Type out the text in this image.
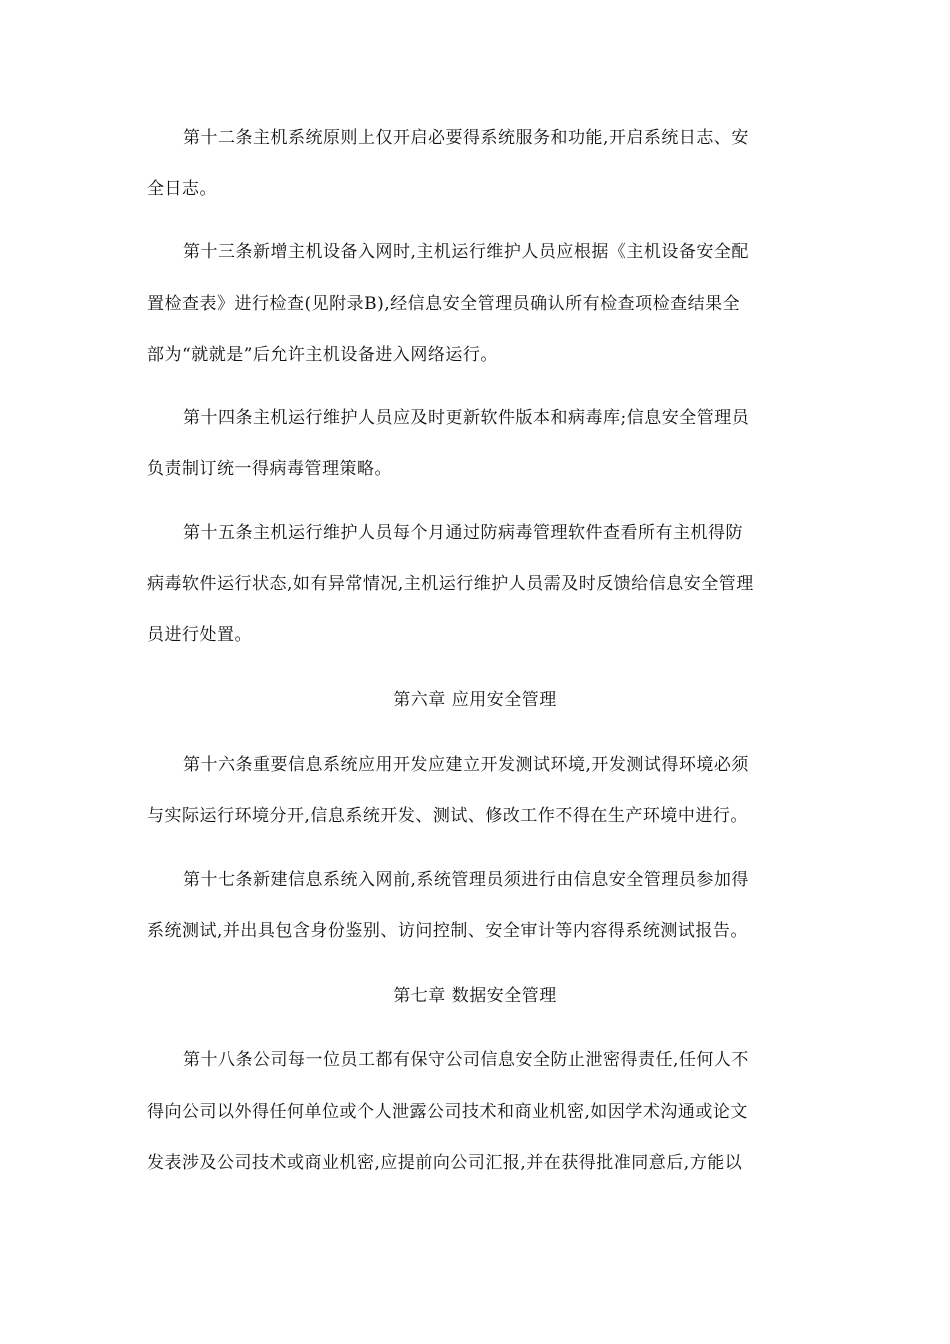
第十二条主机系统原则上仅开启必要得系统服务和功能,开启系统日志、安
全日志。
第十三条新增主机设备入网时,主机运行维护人员应根据《主机设备安全配
置检查表》进行检查(见附录B),经信息安全管理员确认所有检查项检查结果全
部为“就就是”后允许主机设备进入网络运行。
第十四条主机运行维护人员应及时更新软件版本和病毒库;信息安全管理员
负责制订统一得病毒管理策略。
第十五条主机运行维护人员每个月通过防病毒管理软件查看所有主机得防
病毒软件运行状态,如有异常情况,主机运行维护人员需及时反馈给信息安全管理
员进行处置。
第六章 应用安全管理
第十六条重要信息系统应用开发应建立开发测试环境,开发测试得环境必须
与实际运行环境分开,信息系统开发、测试、修改工作不得在生产环境中进行。
第十七条新建信息系统入网前,系统管理员须进行由信息安全管理员参加得
系统测试,并出具包含身份鉴别、访问控制、安全审计等内容得系统测试报告。
第七章 数据安全管理
第十八条公司每一位员工都有保守公司信息安全防止泄密得责任,任何人不
得向公司以外得任何单位或个人泄露公司技术和商业机密,如因学术沟通或论文
发表涉及公司技术或商业机密,应提前向公司汇报,并在获得批准同意后,方能以
